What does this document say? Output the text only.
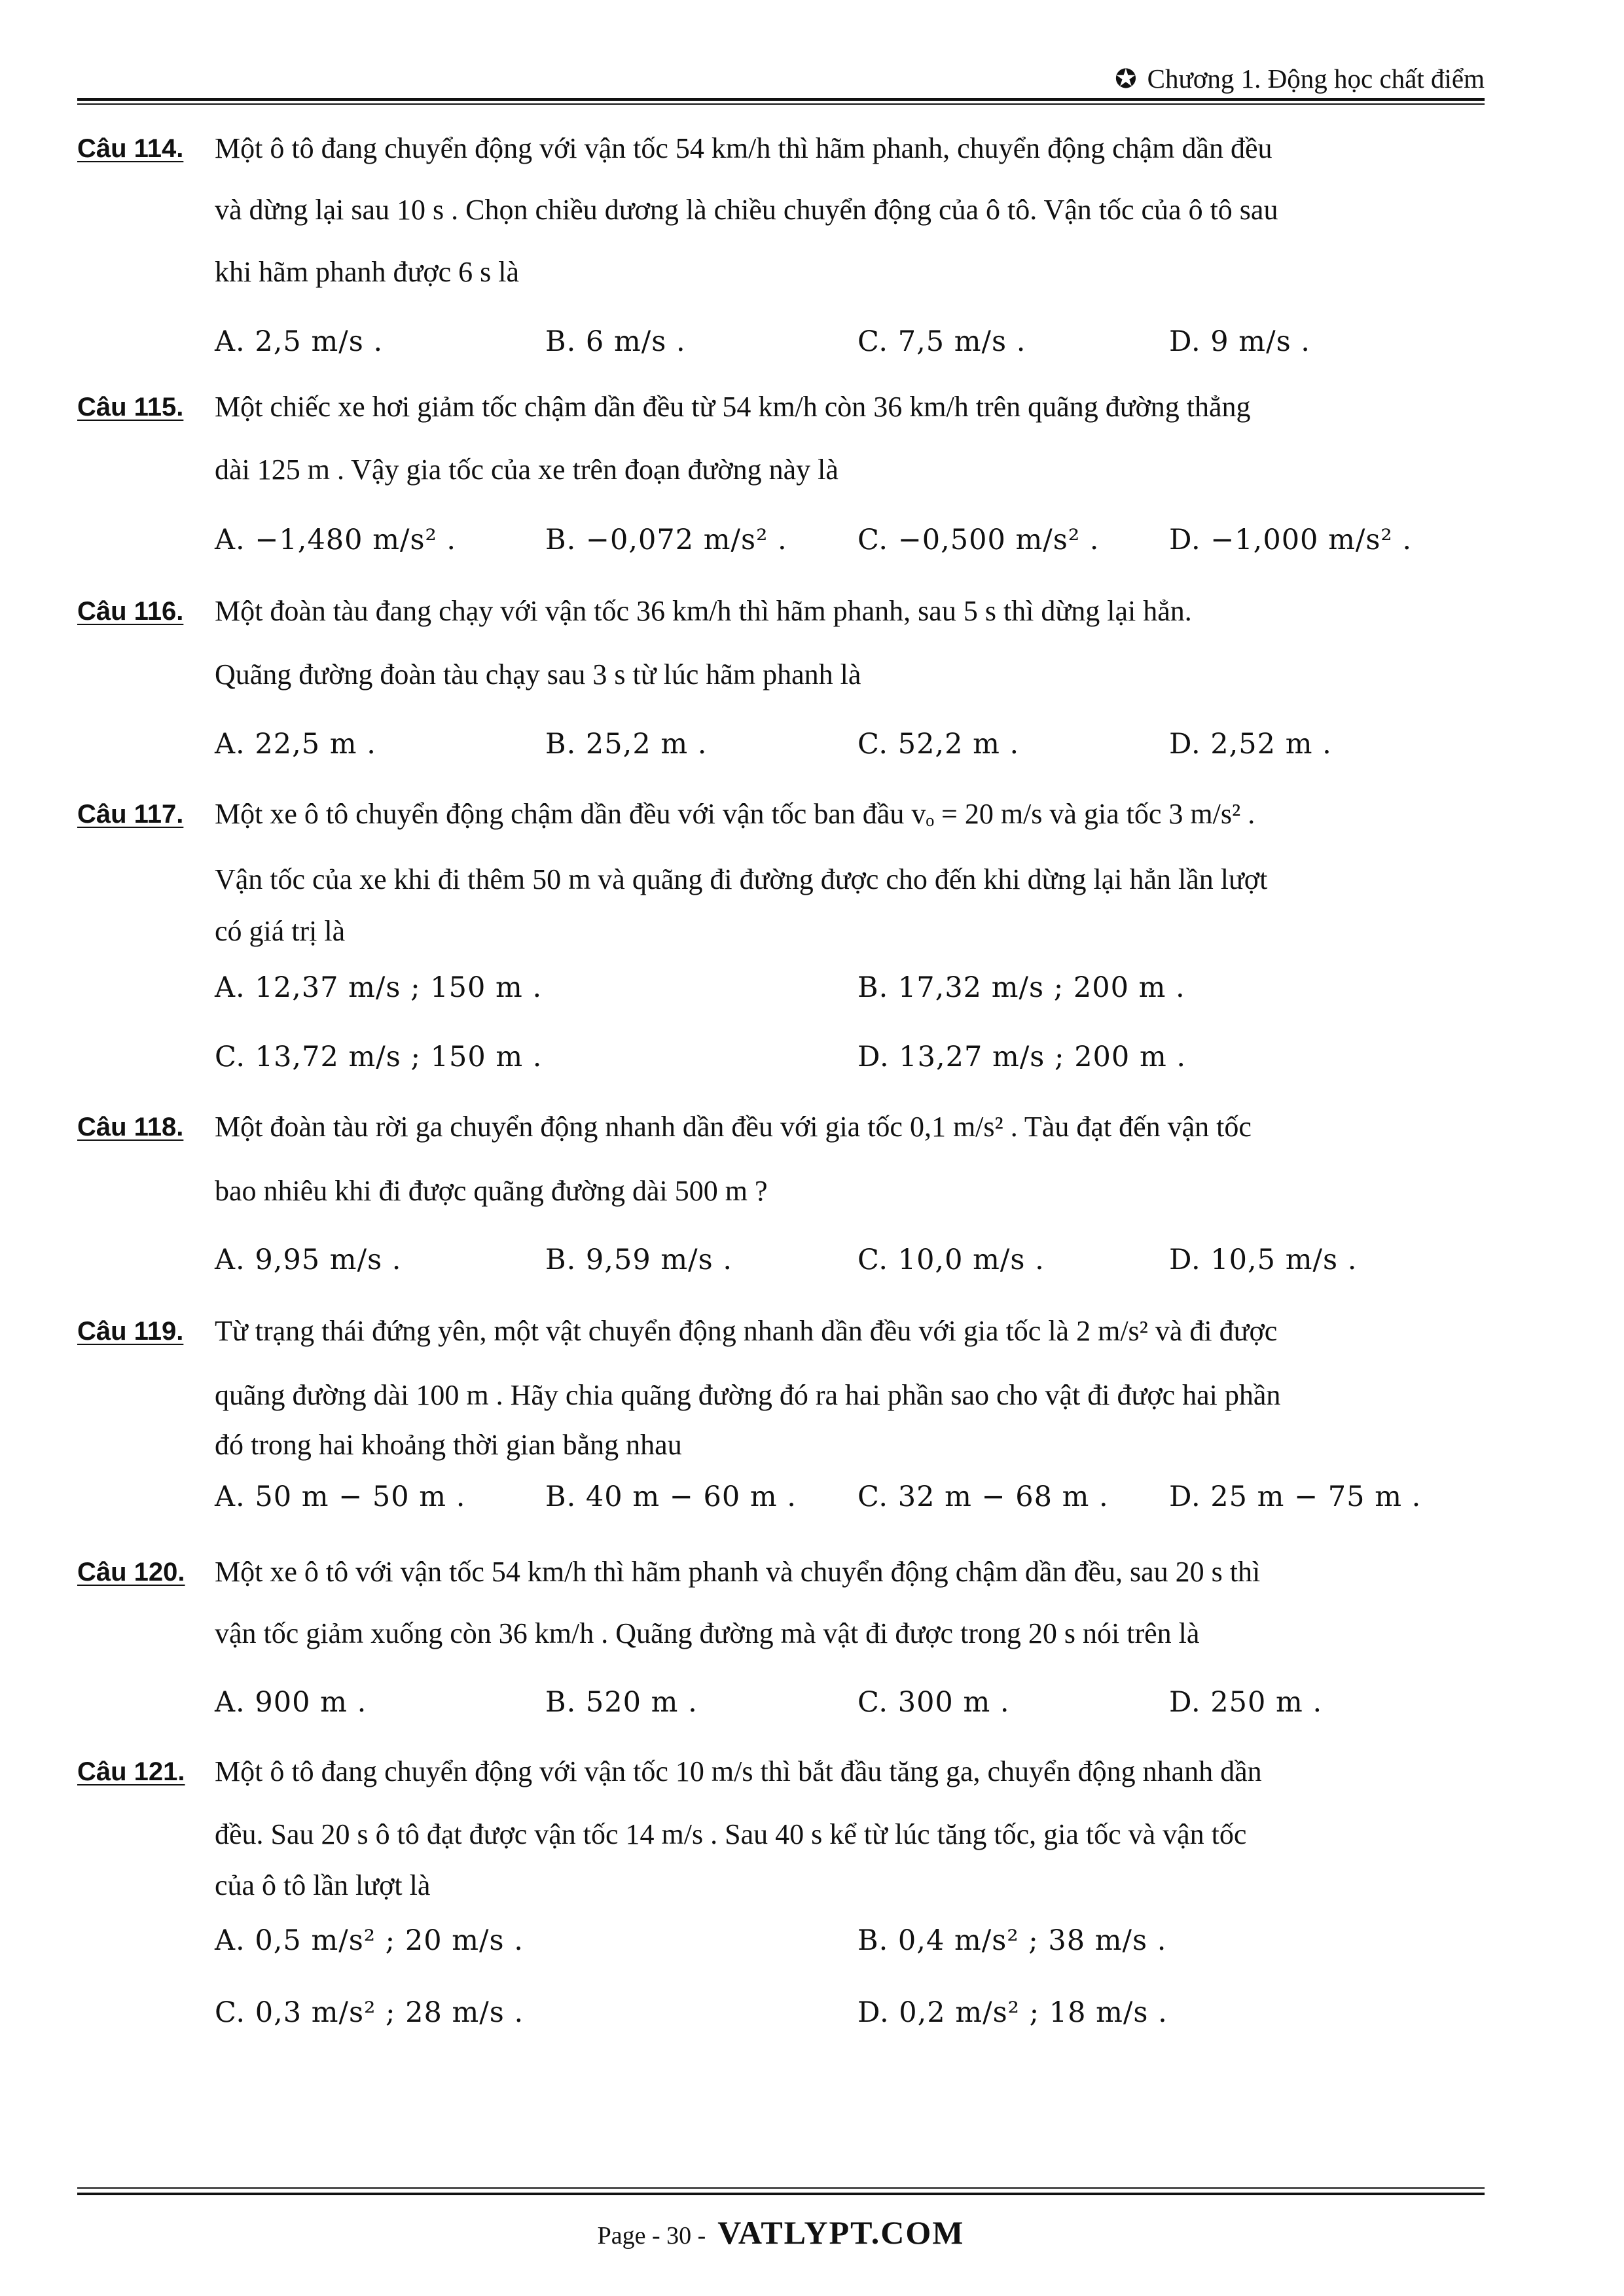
✪ Chương 1. Động học chất điểm
Câu 114. Một ô tô đang chuyển động với vận tốc 54 km/h thì hãm phanh, chuyển động chậm dần đều
và dừng lại sau 10 s . Chọn chiều dương là chiều chuyển động của ô tô. Vận tốc của ô tô sau
khi hãm phanh được 6 s là
A. 2,5 m/s .	B. 6 m/s .	C. 7,5 m/s .	D. 9 m/s .
Câu 115. Một chiếc xe hơi giảm tốc chậm dần đều từ 54 km/h còn 36 km/h trên quãng đường thẳng
dài 125 m . Vậy gia tốc của xe trên đoạn đường này là
A. −1,480 m/s² .	B. −0,072 m/s² . C. −0,500 m/s² . D. −1,000 m/s² .
Câu 116. Một đoàn tàu đang chạy với vận tốc 36 km/h thì hãm phanh, sau 5 s thì dừng lại hẳn.
Quãng đường đoàn tàu chạy sau 3 s từ lúc hãm phanh là
A. 22,5 m .	B. 25,2 m .	C. 52,2 m .	D. 2,52 m .
Câu 117. Một xe ô tô chuyển động chậm dần đều với vận tốc ban đầu vₒ = 20 m/s và gia tốc 3 m/s² .
Vận tốc của xe khi đi thêm 50 m và quãng đi đường được cho đến khi dừng lại hẳn lần lượt
có giá trị là
A. 12,37 m/s ; 150 m .	B. 17,32 m/s ; 200 m .
C. 13,72 m/s ; 150 m .	D. 13,27 m/s ; 200 m .
Câu 118. Một đoàn tàu rời ga chuyển động nhanh dần đều với gia tốc 0,1 m/s² . Tàu đạt đến vận tốc
bao nhiêu khi đi được quãng đường dài 500 m ?
A. 9,95 m/s .	B. 9,59 m/s .	C. 10,0 m/s .	D. 10,5 m/s .
Câu 119. Từ trạng thái đứng yên, một vật chuyển động nhanh dần đều với gia tốc là 2 m/s² và đi được
quãng đường dài 100 m . Hãy chia quãng đường đó ra hai phần sao cho vật đi được hai phần
đó trong hai khoảng thời gian bằng nhau
A. 50 m − 50 m .	B. 40 m − 60 m . C. 32 m − 68 m . D. 25 m − 75 m .
Câu 120. Một xe ô tô với vận tốc 54 km/h thì hãm phanh và chuyển động chậm dần đều, sau 20 s thì
vận tốc giảm xuống còn 36 km/h . Quãng đường mà vật đi được trong 20 s nói trên là
A. 900 m .	B. 520 m .	C. 300 m .	D. 250 m .
Câu 121. Một ô tô đang chuyển động với vận tốc 10 m/s thì bắt đầu tăng ga, chuyển động nhanh dần
đều. Sau 20 s ô tô đạt được vận tốc 14 m/s . Sau 40 s kể từ lúc tăng tốc, gia tốc và vận tốc
của ô tô lần lượt là
A. 0,5 m/s² ; 20 m/s .	B. 0,4 m/s² ; 38 m/s .
C. 0,3 m/s² ; 28 m/s .	D. 0,2 m/s² ; 18 m/s .
Page - 30 - VATLYPT.COM
